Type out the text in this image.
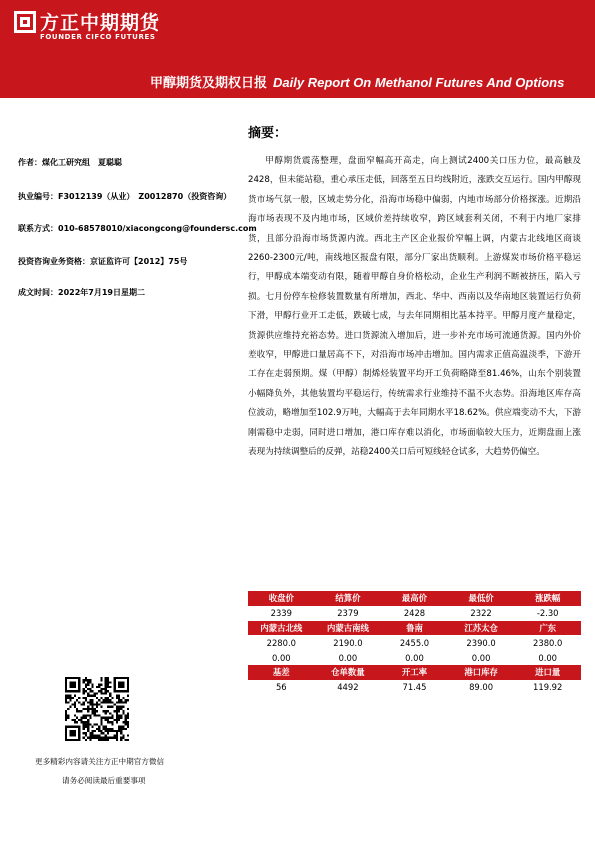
方正中期期货
FOUNDER CIFCO FUTURES
甲醇期货及期权日报 Daily Report On Methanol Futures And Options
摘要：
作者：煤化工研究组　夏聪聪
执业编号：F3012139（从业）　Z0012870（投资咨询）
联系方式：010-68578010/xiacongcong@foundersc.com
投资咨询业务资格：京证监许可【2012】75号
成文时间：2022年7月19日星期二

甲醇期货震荡整理，盘面窄幅高开高走，向上测试2400关口压力位，最高触及2428，但未能站稳，重心承压走低，回落至五日均线附近，涨跌交互运行。国内甲醇现货市场气氛一般，区域走势分化，沿海市场稳中偏弱，内地市场部分价格探涨。近期沿海市场表现不及内地市场，区域价差持续收窄，跨区域套利关闭，不利于内地厂家排货，且部分沿海市场货源内流。西北主产区企业报价窄幅上调，内蒙古北线地区商谈2260-2300元/吨，南线地区报盘有限，部分厂家出货顺利。上游煤炭市场价格平稳运行，甲醇成本端变动有限，随着甲醇自身价格松动，企业生产利润不断被挤压，陷入亏损。七月份停车检修装置数量有所增加，西北、华中、西南以及华南地区装置运行负荷下滑，甲醇行业开工走低，跌破七成，与去年同期相比基本持平。甲醇月度产量稳定，货源供应维持充裕态势。进口货源流入增加后，进一步补充市场可流通货源。国内外价差收窄，甲醇进口量居高不下，对沿海市场冲击增加。国内需求正值高温淡季，下游开工存在走弱预期。煤（甲醇）制烯烃装置平均开工负荷略降至81.46%，山东个别装置小幅降负外，其他装置均平稳运行，传统需求行业维持不温不火态势。沿海地区库存高位波动，略增加至102.9万吨，大幅高于去年同期水平18.62%。供应端变动不大，下游刚需稳中走弱，同时进口增加，港口库存难以消化，市场面临较大压力，近期盘面上涨表现为持续调整后的反弹，站稳2400关口后可短线轻仓试多，大趋势仍偏空。

收盘价	结算价	最高价	最低价	涨跌幅
2339	2379	2428	2322	-2.30
内蒙古北线	内蒙古南线	鲁南	江苏太仓	广东
2280.0	2190.0	2455.0	2390.0	2380.0
0.00	0.00	0.00	0.00	0.00
基差	仓单数量	开工率	港口库存	进口量
56	4492	71.45	89.00	119.92
更多精彩内容请关注方正中期官方微信
请务必阅读最后重要事项
